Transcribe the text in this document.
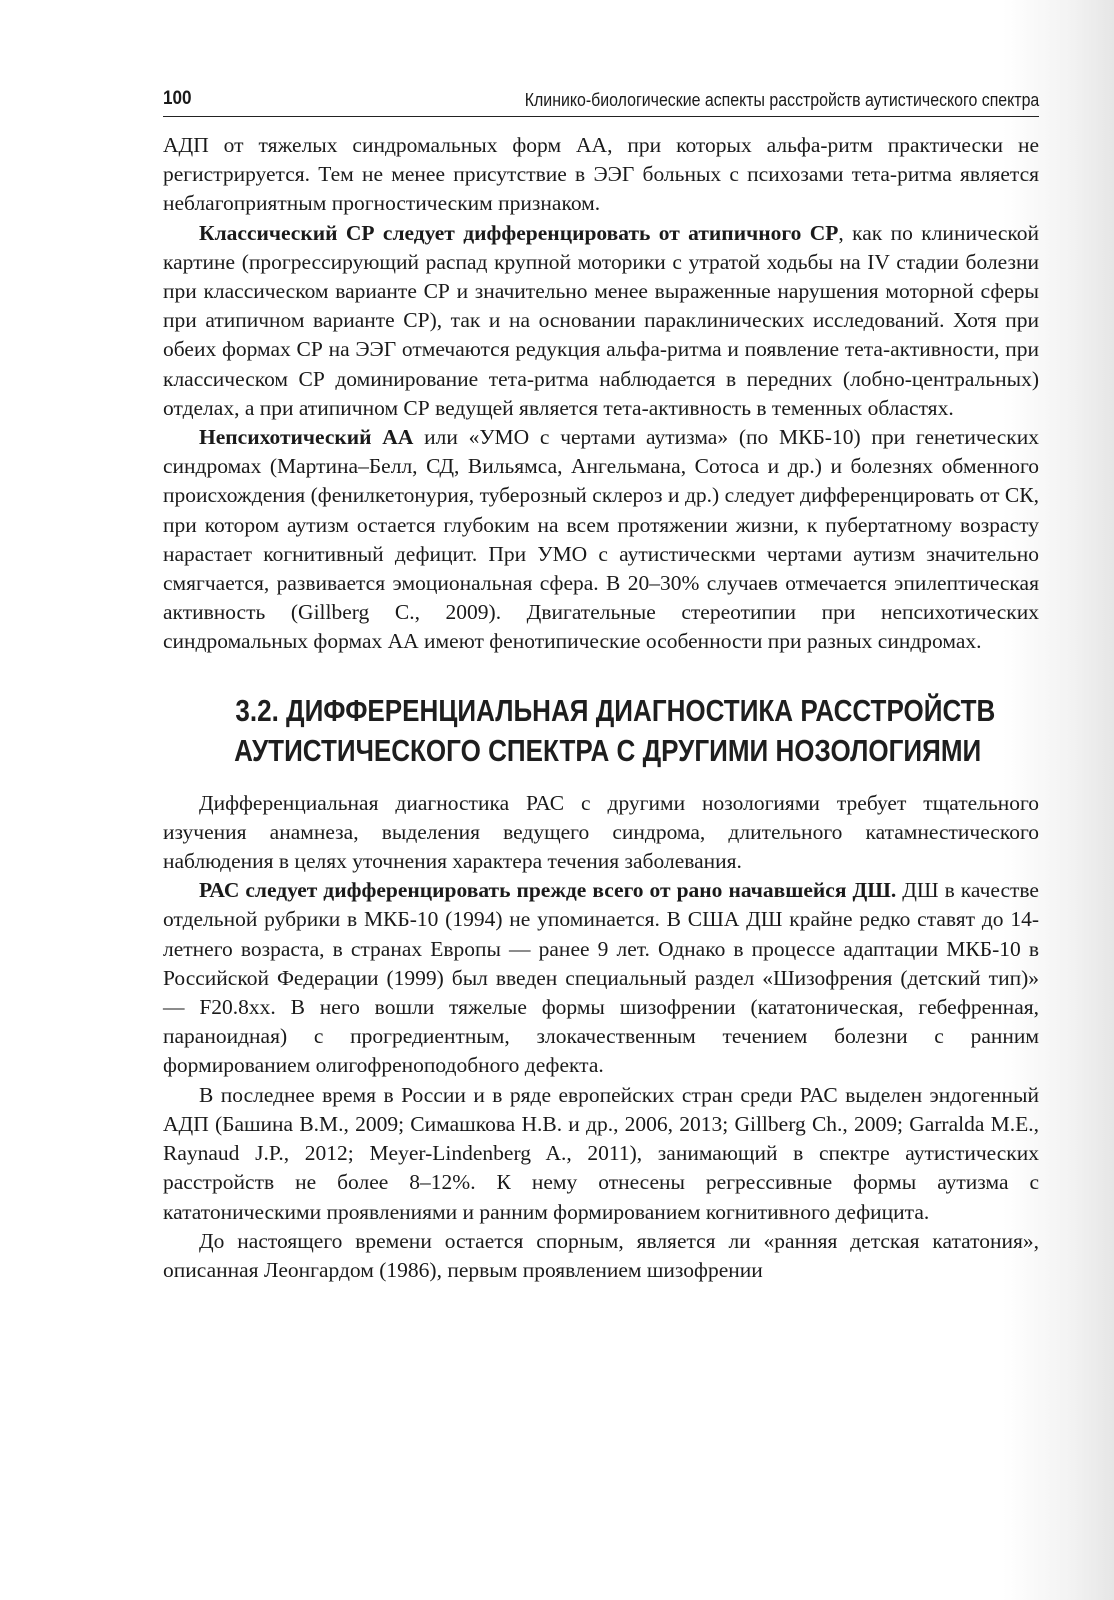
100	Клинико-биологические аспекты расстройств аутистического спектра

АДП от тяжелых синдромальных форм АА, при которых альфа-ритм практически не регистрируется. Тем не менее присутствие в ЭЭГ больных с психозами тета-ритма является неблагоприятным прогностическим признаком.

Классический СР следует дифференцировать от атипичного СР, как по клинической картине (прогрессирующий распад крупной моторики с утратой ходьбы на IV стадии болезни при классическом варианте СР и значительно менее выраженные нарушения моторной сферы при атипичном варианте СР), так и на основании параклинических исследований. Хотя при обеих формах СР на ЭЭГ отмечаются редукция альфа-ритма и появление тета-активности, при классическом СР доминирование тета-ритма наблюдается в передних (лобно-центральных) отделах, а при атипичном СР ведущей является тета-активность в теменных областях.

Непсихотический АА или «УМО с чертами аутизма» (по МКБ-10) при генетических синдромах (Мартина–Белл, СД, Вильямса, Ангельмана, Сотоса и др.) и болезнях обменного происхождения (фенилкетонурия, туберозный склероз и др.) следует дифференцировать от СК, при котором аутизм остается глубоким на всем протяжении жизни, к пубертатному возрасту нарастает когнитивный дефицит. При УМО с аутистическми чертами аутизм значительно смягчается, развивается эмоциональная сфера. В 20–30% случаев отмечается эпилептическая активность (Gillberg C., 2009). Двигательные стереотипии при непсихотических синдромальных формах АА имеют фенотипические особенности при разных синдромах.

3.2. ДИФФЕРЕНЦИАЛЬНАЯ ДИАГНОСТИКА РАССТРОЙСТВ
АУТИСТИЧЕСКОГО СПЕКТРА С ДРУГИМИ НОЗОЛОГИЯМИ

Дифференциальная диагностика РАС с другими нозологиями требует тщательного изучения анамнеза, выделения ведущего синдрома, длительного катамнестического наблюдения в целях уточнения характера течения заболевания.

РАС следует дифференцировать прежде всего от рано начавшейся ДШ. ДШ в качестве отдельной рубрики в МКБ-10 (1994) не упоминается. В США ДШ крайне редко ставят до 14-летнего возраста, в странах Европы — ранее 9 лет. Однако в процессе адаптации МКБ-10 в Российской Федерации (1999) был введен специальный раздел «Шизофрения (детский тип)» — F20.8хх. В него вошли тяжелые формы шизофрении (кататоническая, гебефренная, параноидная) с прогредиентным, злокачественным течением болезни с ранним формированием олигофреноподобного дефекта.

В последнее время в России и в ряде европейских стран среди РАС выделен эндогенный АДП (Башина В.М., 2009; Симашкова Н.В. и др., 2006, 2013; Gillberg Ch., 2009; Garralda M.E., Raynaud J.P., 2012; Meyer-Lindenberg A., 2011), занимающий в спектре аутистических расстройств не более 8–12%. К нему отнесены регрессивные формы аутизма с кататоническими проявлениями и ранним формированием когнитивного дефицита.

До настоящего времени остается спорным, является ли «ранняя детская кататония», описанная Леонгардом (1986), первым проявлением шизофрении
